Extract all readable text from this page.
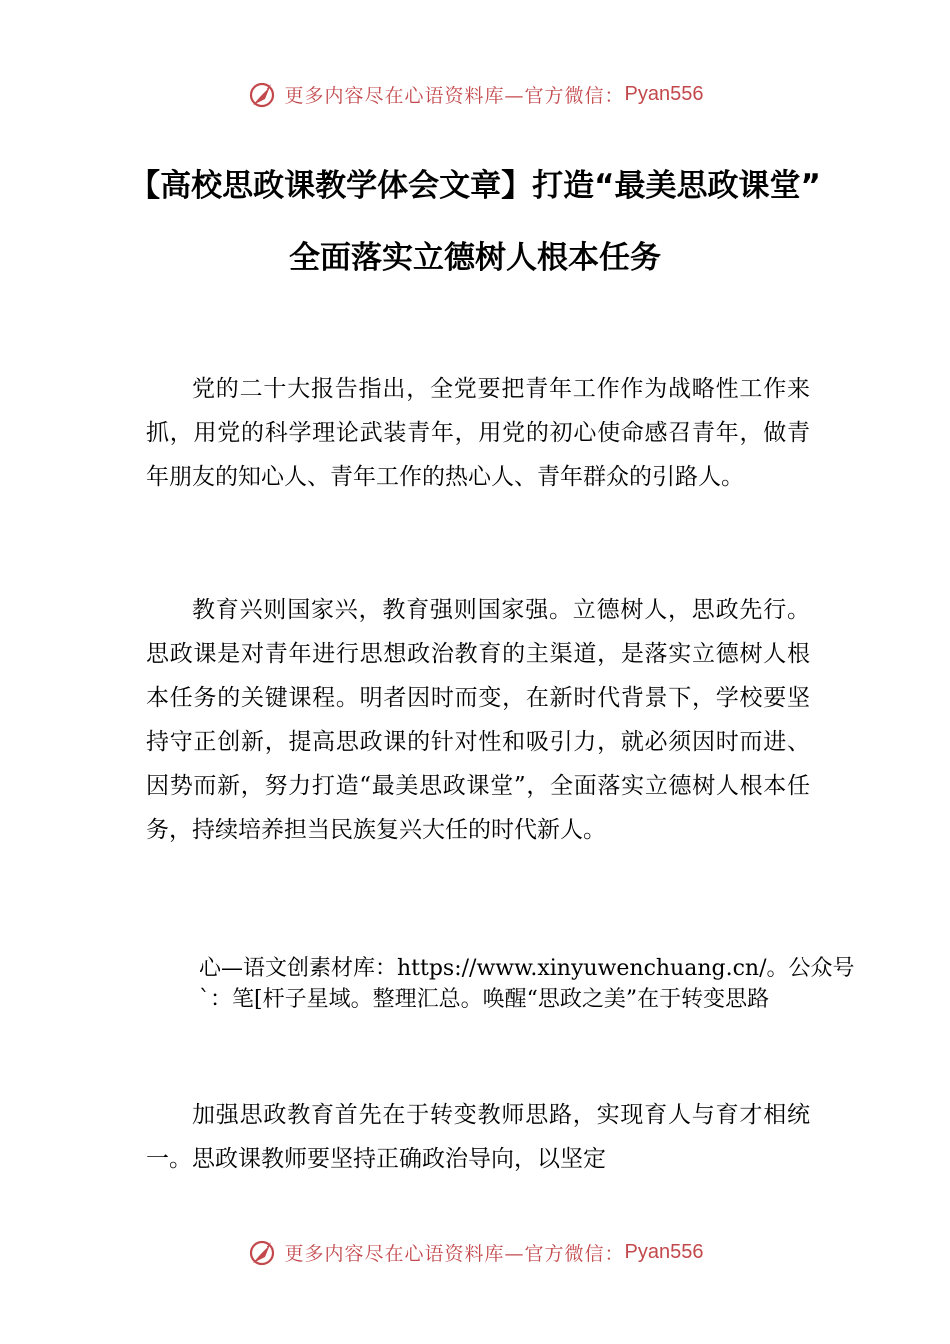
更多内容尽在心语资料库—官方微信： Pyan556
【高校思政课教学体会文章】打造“最美思政课堂” 全面落实立德树人根本任务

党的二十大报告指出，全党要把青年工作作为战略性工作来抓，用党的科学理论武装青年，用党的初心使命感召青年，做青年朋友的知心人、青年工作的热心人、青年群众的引路人。

教育兴则国家兴，教育强则国家强。立德树人，思政先行。思政课是对青年进行思想政治教育的主渠道，是落实立德树人根本任务的关键课程。明者因时而变，在新时代背景下，学校要坚持守正创新，提高思政课的针对性和吸引力，就必须因时而进、因势而新，努力打造“最美思政课堂”，全面落实立德树人根本任务，持续培养担当民族复兴大任的时代新人。

心—语文创素材库：https://www.xinyuwenchuang.cn/。公众号`：笔[杆子星域。整理汇总。唤醒“思政之美”在于转变思路

加强思政教育首先在于转变教师思路，实现育人与育才相统一。思政课教师要坚持正确政治导向，以坚定

更多内容尽在心语资料库—官方微信： Pyan556
